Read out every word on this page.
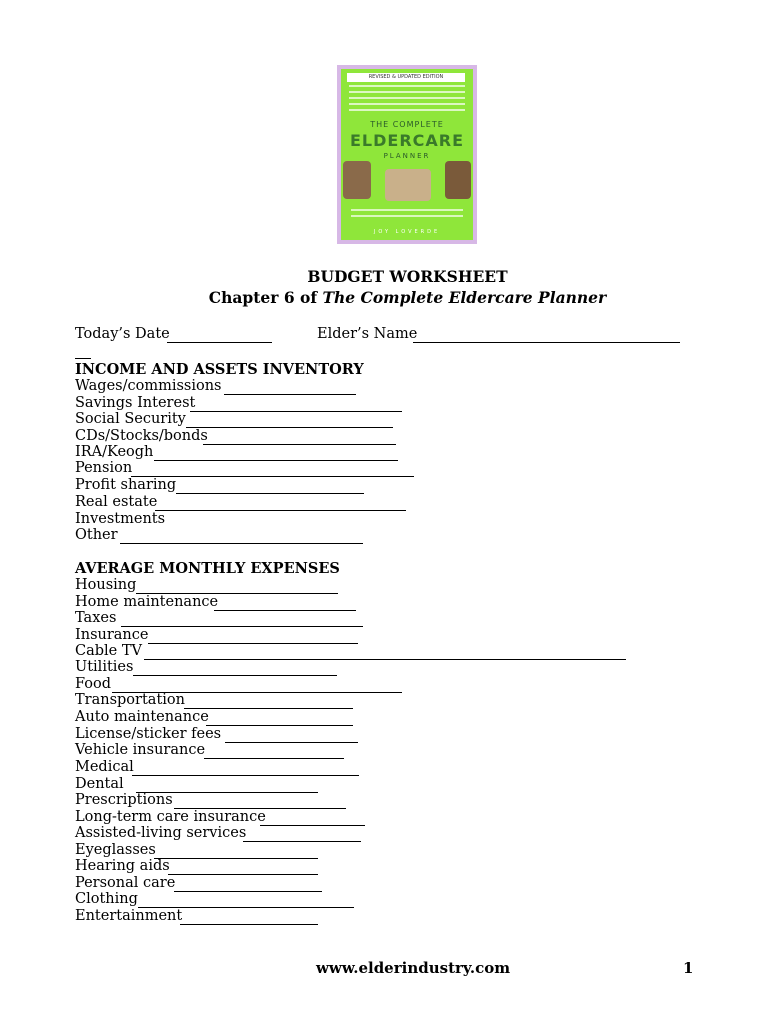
REVISED & UPDATED EDITION
THE COMPLETE
ELDERCARE
PLANNER
JOY LOVERDE
BUDGET WORKSHEET
Chapter 6 of The Complete Eldercare Planner
Today’s Date	Elder’s Name
INCOME AND ASSETS INVENTORY
Wages/commissions
Savings Interest
Social Security
CDs/Stocks/bonds
IRA/Keogh
Pension
Profit sharing
Real estate
Investments
Other
AVERAGE MONTHLY EXPENSES
Housing
Home maintenance
Taxes
Insurance
Cable TV
Utilities
Food
Transportation
Auto maintenance
License/sticker fees
Vehicle insurance
Medical
Dental
Prescriptions
Long-term care insurance
Assisted-living services
Eyeglasses
Hearing aids
Personal care
Clothing
Entertainment
www.elderindustry.com	1
